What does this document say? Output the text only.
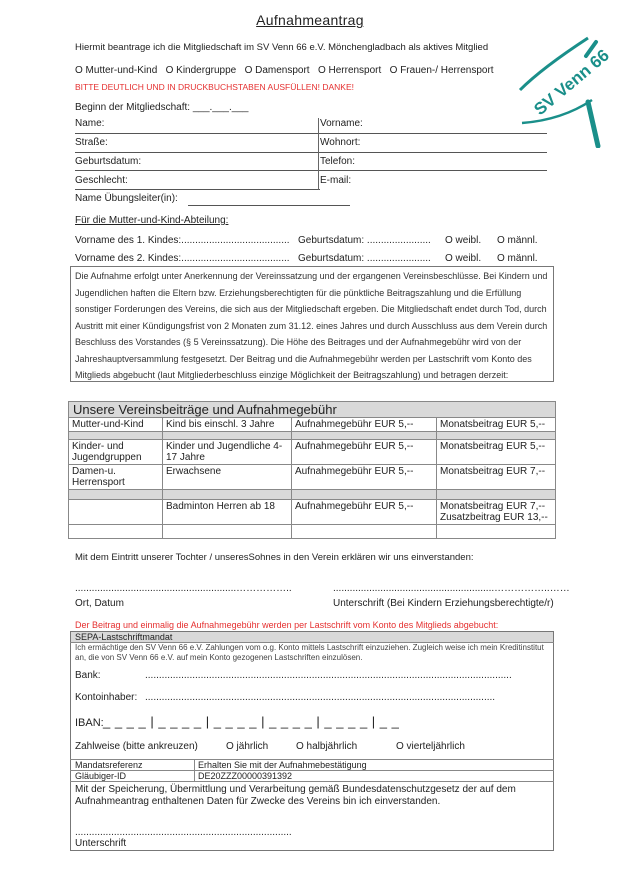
Aufnahmeantrag
Hiermit beantrage ich die Mitgliedschaft im SV Venn 66 e.V. Mönchengladbach als aktives Mitglied
O Mutter-und-Kind O Kindergruppe O Damensport O Herrensport O Frauen-/ Herrensport
BITTE DEUTLICH UND IN DRUCKBUCHSTABEN AUSFÜLLEN! DANKE!	SV Venn 66
Beginn der Mitgliedschaft: ___.___.___
Name:	Vorname:
Straße:	Wohnort:
Geburtsdatum:	Telefon:
Geschlecht:	E-mail:
Name Übungsleiter(in):
Für die Mutter-und-Kind-Abteilung:
Vorname des 1. Kindes:....................................... Geburtsdatum: ....................... O weibl. O männl.
Vorname des 2. Kindes:....................................... Geburtsdatum: ....................... O weibl. O männl.
Die Aufnahme erfolgt unter Anerkennung der Vereinssatzung und der ergangenen Vereinsbeschlüsse. Bei Kindern und Jugendlichen haften die Eltern bzw. Erziehungsberechtigten für die pünktliche Beitragszahlung und die Erfüllung sonstiger Forderungen des Vereins, die sich aus der Mitgliedschaft ergeben. Die Mitgliedschaft endet durch Tod, durch Austritt mit einer Kündigungsfrist von 2 Monaten zum 31.12. eines Jahres und durch Ausschluss aus dem Verein durch Beschluss des Vorstandes (§ 5 Vereinssatzung). Die Höhe des Beitrages und der Aufnahmegebühr wird von der Jahreshauptversammlung festgesetzt. Der Beitrag und die Aufnahmegebühr werden per Lastschrift vom Konto des Mitglieds abgebucht (laut Mitgliederbeschluss einzige Möglichkeit der Beitragszahlung) und betragen derzeit:
Unsere Vereinsbeiträge und Aufnahmegebühr			
Mutter-und-Kind	Kind bis einschl. 3 Jahre	Aufnahmegebühr EUR 5,--	Monatsbeitrag EUR 5,--

Kinder- und Jugendgruppen	Kinder und Jugendliche 4-17 Jahre	Aufnahmegebühr EUR 5,--	Monatsbeitrag EUR 5,--
Damen-u. Herrensport	Erwachsene	Aufnahmegebühr EUR 5,--	Monatsbeitrag EUR 7,--

	Badminton Herren ab 18	Aufnahmegebühr EUR 5,--	Monatsbeitrag EUR 7,--
Zusatzbeitrag EUR 13,--

Mit dem Eintritt unserer Tochter / unseresSohnes in den Verein erklären wir uns einverstanden:
..........................................................……………..	..........................................................……………..……
Ort, Datum	Unterschrift (Bei Kindern Erziehungsberechtigte/r)
Der Beitrag und einmalig die Aufnahmegebühr werden per Lastschrift vom Konto des Mitglieds abgebucht:
SEPA-Lastschriftmandat
Ich ermächtige den SV Venn 66 e.V. Zahlungen vom o.g. Konto mittels Lastschrift einzuziehen. Zugleich weise ich mein Kreditinstitut an, die von SV Venn 66 e.V. auf mein Konto gezogenen Lastschriften einzulösen.
Bank:	....................................................................................................................................
Kontoinhaber: ..............................................................................................................................
IBAN: _ _ _ _ | _ _ _ _ | _ _ _ _ | _ _ _ _ | _ _ _ _ | _ _
Zahlweise (bitte ankreuzen)	O jährlich	O halbjährlich	O vierteljährlich
Mandatsreferenz	Erhalten Sie mit der Aufnahmebestätigung
Gläubiger-ID	DE20ZZZ00000391392
Mit der Speicherung, Übermittlung und Verarbeitung gemäß Bundesdatenschutzgesetz der auf dem Aufnahmeantrag enthaltenen Daten für Zwecke des Vereins bin ich einverstanden.
..............................................................................
Unterschrift
